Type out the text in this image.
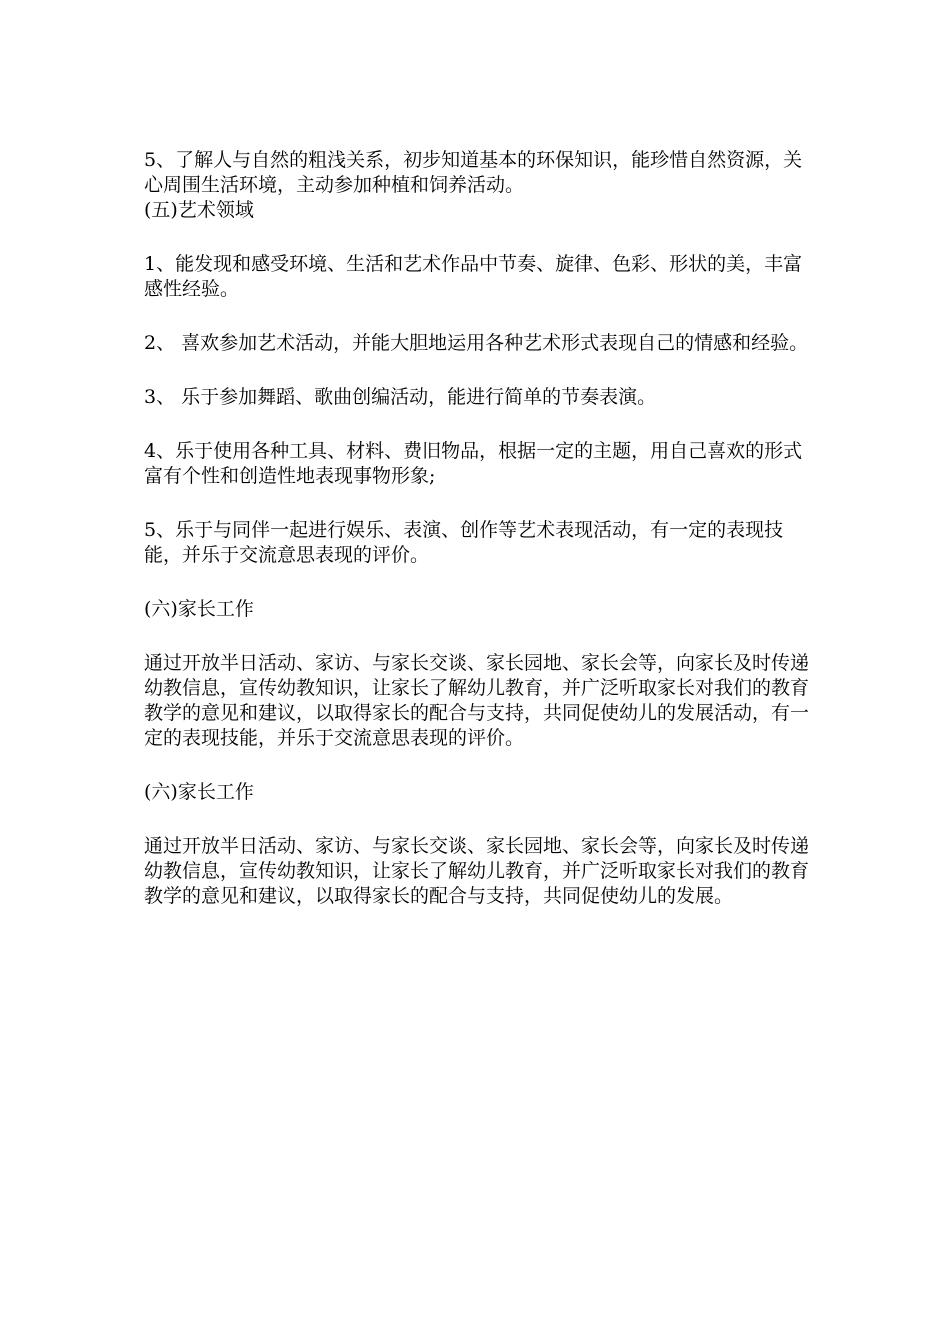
5、了解人与自然的粗浅关系，初步知道基本的环保知识，能珍惜自然资源，关心周围生活环境，主动参加种植和饲养活动。

(五)艺术领域

1、能发现和感受环境、生活和艺术作品中节奏、旋律、色彩、形状的美，丰富感性经验。

2、 喜欢参加艺术活动，并能大胆地运用各种艺术形式表现自己的情感和经验。

3、 乐于参加舞蹈、歌曲创编活动，能进行简单的节奏表演。

4、乐于使用各种工具、材料、费旧物品，根据一定的主题，用自己喜欢的形式富有个性和创造性地表现事物形象;

5、乐于与同伴一起进行娱乐、表演、创作等艺术表现活动，有一定的表现技能，并乐于交流意思表现的评价。

(六)家长工作

通过开放半日活动、家访、与家长交谈、家长园地、家长会等，向家长及时传递幼教信息，宣传幼教知识，让家长了解幼儿教育，并广泛听取家长对我们的教育教学的意见和建议，以取得家长的配合与支持，共同促使幼儿的发展活动，有一定的表现技能，并乐于交流意思表现的评价。

(六)家长工作

通过开放半日活动、家访、与家长交谈、家长园地、家长会等，向家长及时传递幼教信息，宣传幼教知识，让家长了解幼儿教育，并广泛听取家长对我们的教育教学的意见和建议，以取得家长的配合与支持，共同促使幼儿的发展。
